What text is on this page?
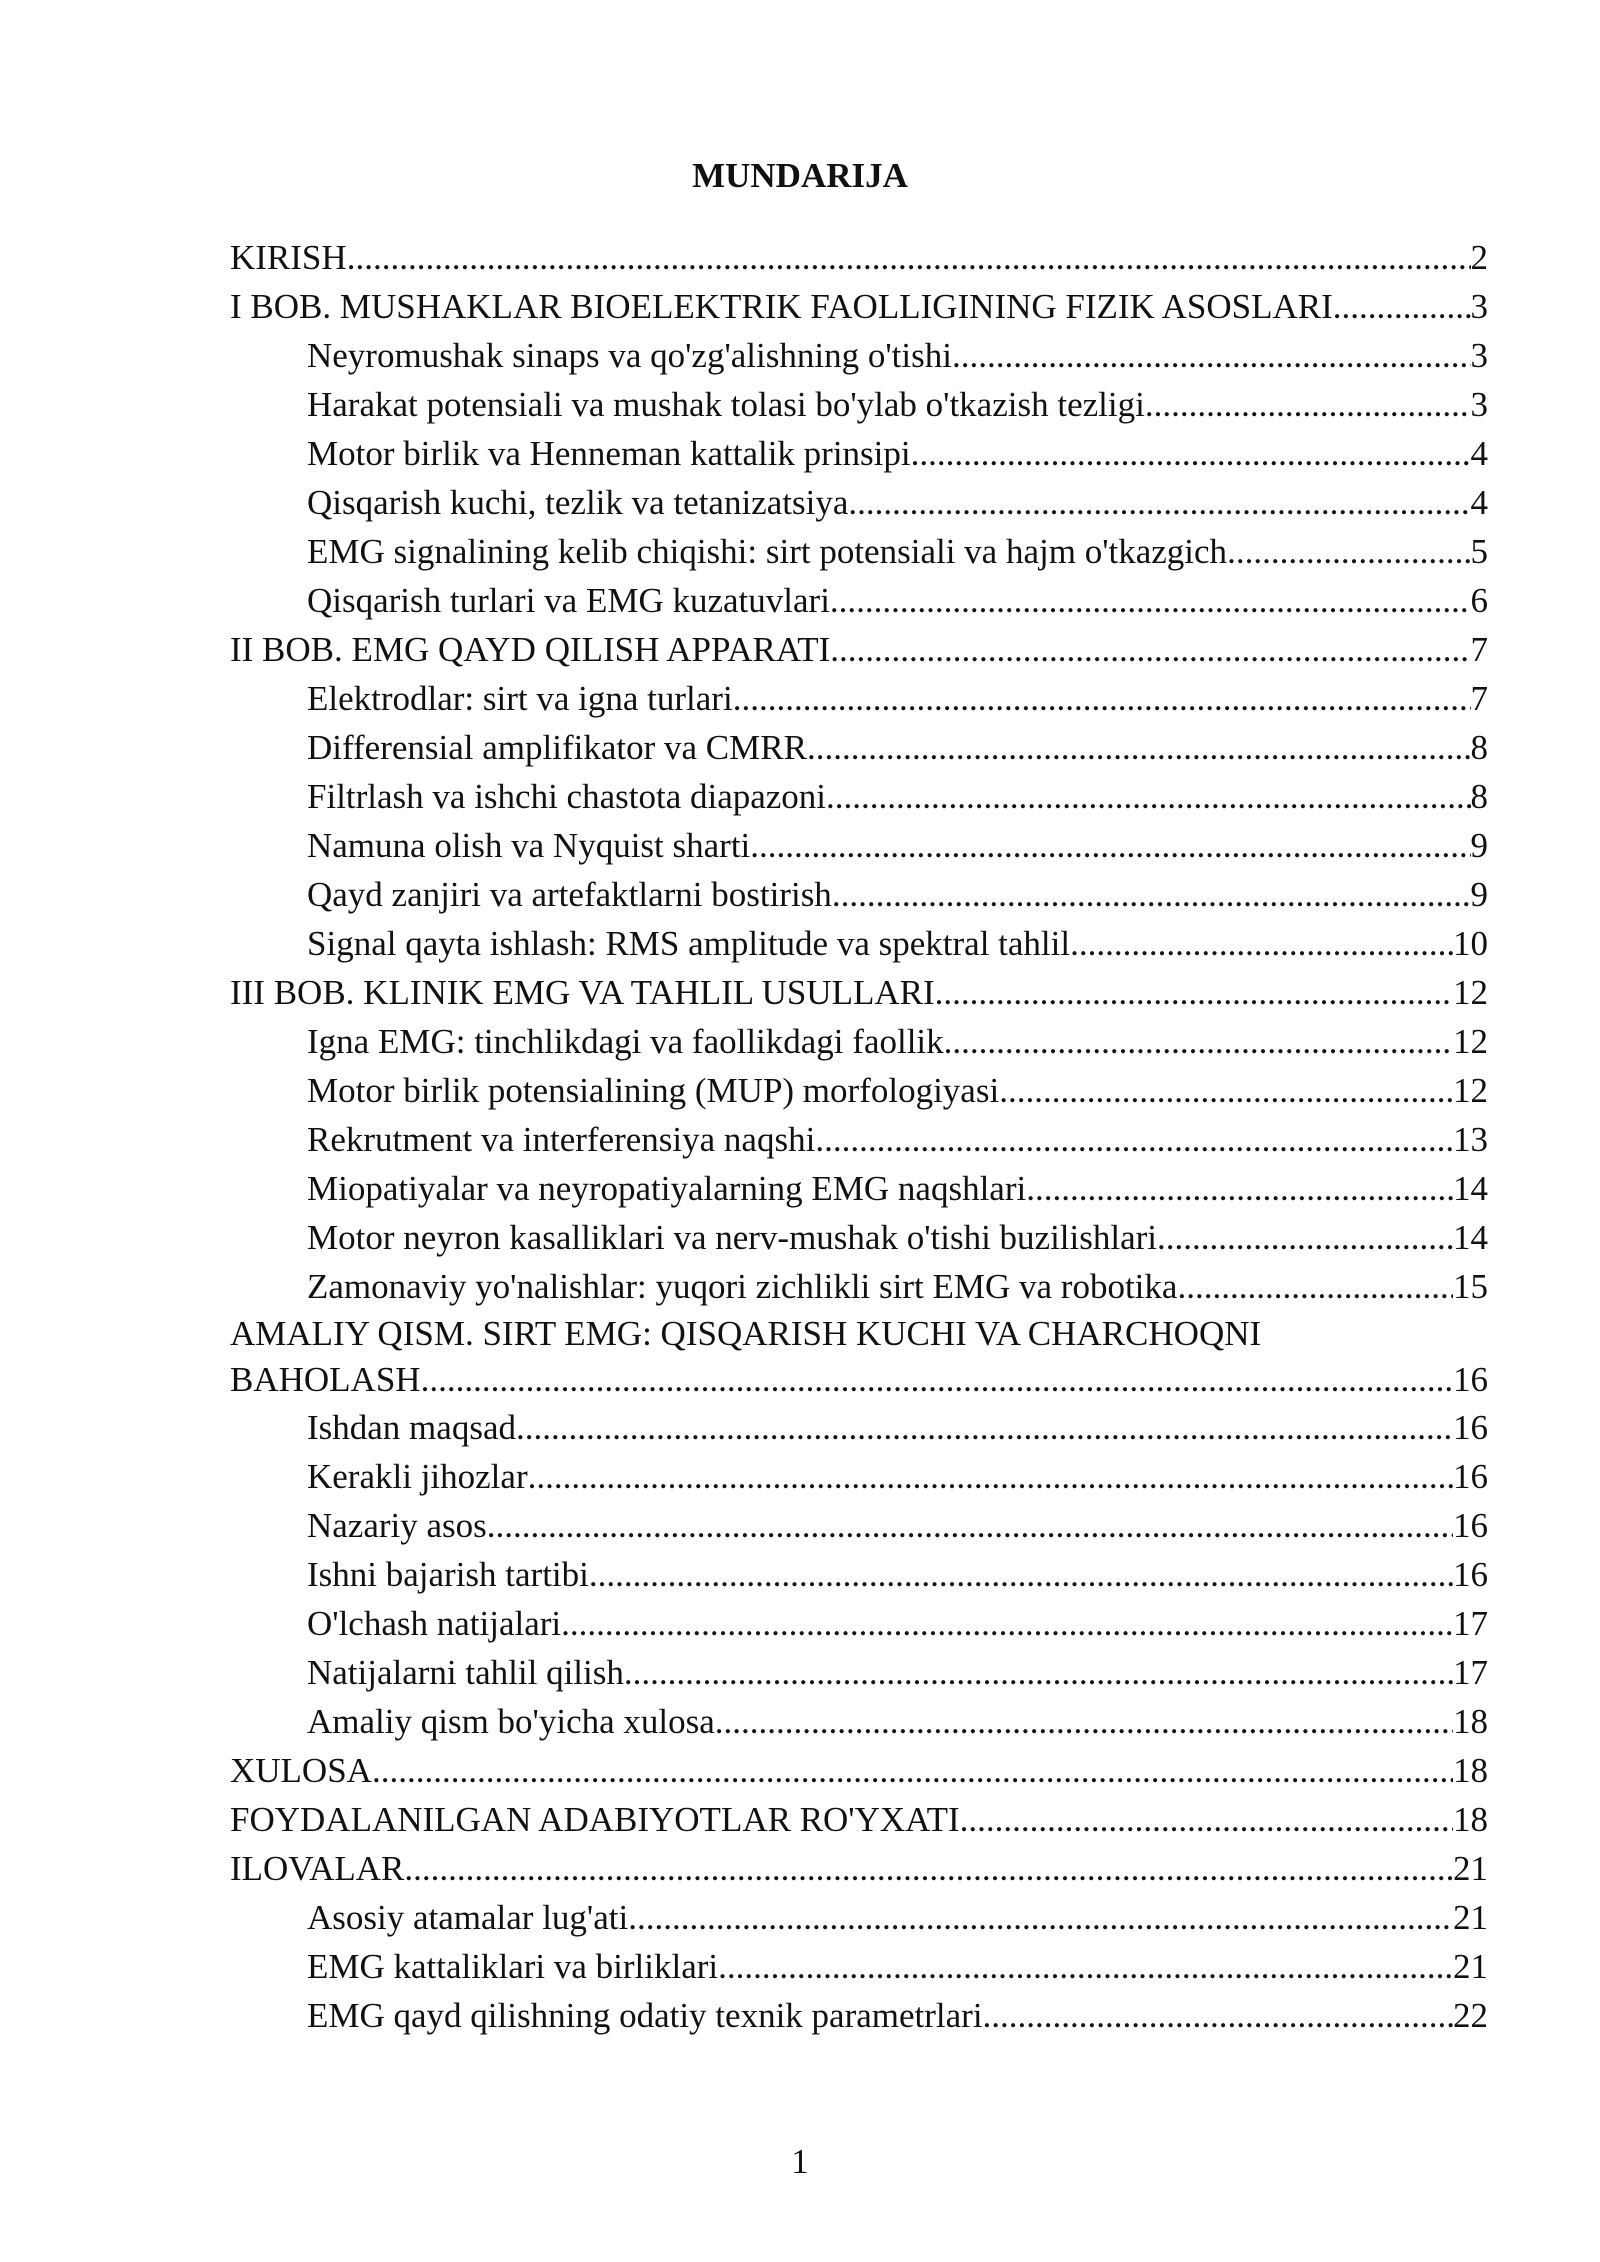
MUNDARIJA
KIRISH .....	2
I BOB. MUSHAKLAR BIOELEKTRIK FAOLLIGINING FIZIK ASOSLARI .....	3
Neyromushak sinaps va qo'zg'alishning o'tishi .....	3
Harakat potensiali va mushak tolasi bo'ylab o'tkazish tezligi .....	3
Motor birlik va Henneman kattalik prinsipi .....	4
Qisqarish kuchi, tezlik va tetanizatsiya .....	4
EMG signalining kelib chiqishi: sirt potensiali va hajm o'tkazgich .....	5
Qisqarish turlari va EMG kuzatuvlari .....	6
II BOB. EMG QAYD QILISH APPARATI .....	7
Elektrodlar: sirt va igna turlari .....	7
Differensial amplifikator va CMRR .....	8
Filtrlash va ishchi chastota diapazoni .....	8
Namuna olish va Nyquist sharti .....	9
Qayd zanjiri va artefaktlarni bostirish .....	9
Signal qayta ishlash: RMS amplitude va spektral tahlil .....	10
III BOB. KLINIK EMG VA TAHLIL USULLARI .....	12
Igna EMG: tinchlikdagi va faollikdagi faollik .....	12
Motor birlik potensialining (MUP) morfologiyasi .....	12
Rekrutment va interferensiya naqshi .....	13
Miopatiyalar va neyropatiyalarning EMG naqshlari .....	14
Motor neyron kasalliklari va nerv-mushak o'tishi buzilishlari .....	14
Zamonaviy yo'nalishlar: yuqori zichlikli sirt EMG va robotika .....	15
AMALIY QISM. SIRT EMG: QISQARISH KUCHI VA CHARCHOQNI
BAHOLASH .....	16
Ishdan maqsad .....	16
Kerakli jihozlar .....	16
Nazariy asos .....	16
Ishni bajarish tartibi .....	16
O'lchash natijalari .....	17
Natijalarni tahlil qilish .....	17
Amaliy qism bo'yicha xulosa .....	18
XULOSA .....	18
FOYDALANILGAN ADABIYOTLAR RO'YXATI .....	18
ILOVALAR .....	21
Asosiy atamalar lug'ati .....	21
EMG kattaliklari va birliklari .....	21
EMG qayd qilishning odatiy texnik parametrlari .....	22
1
